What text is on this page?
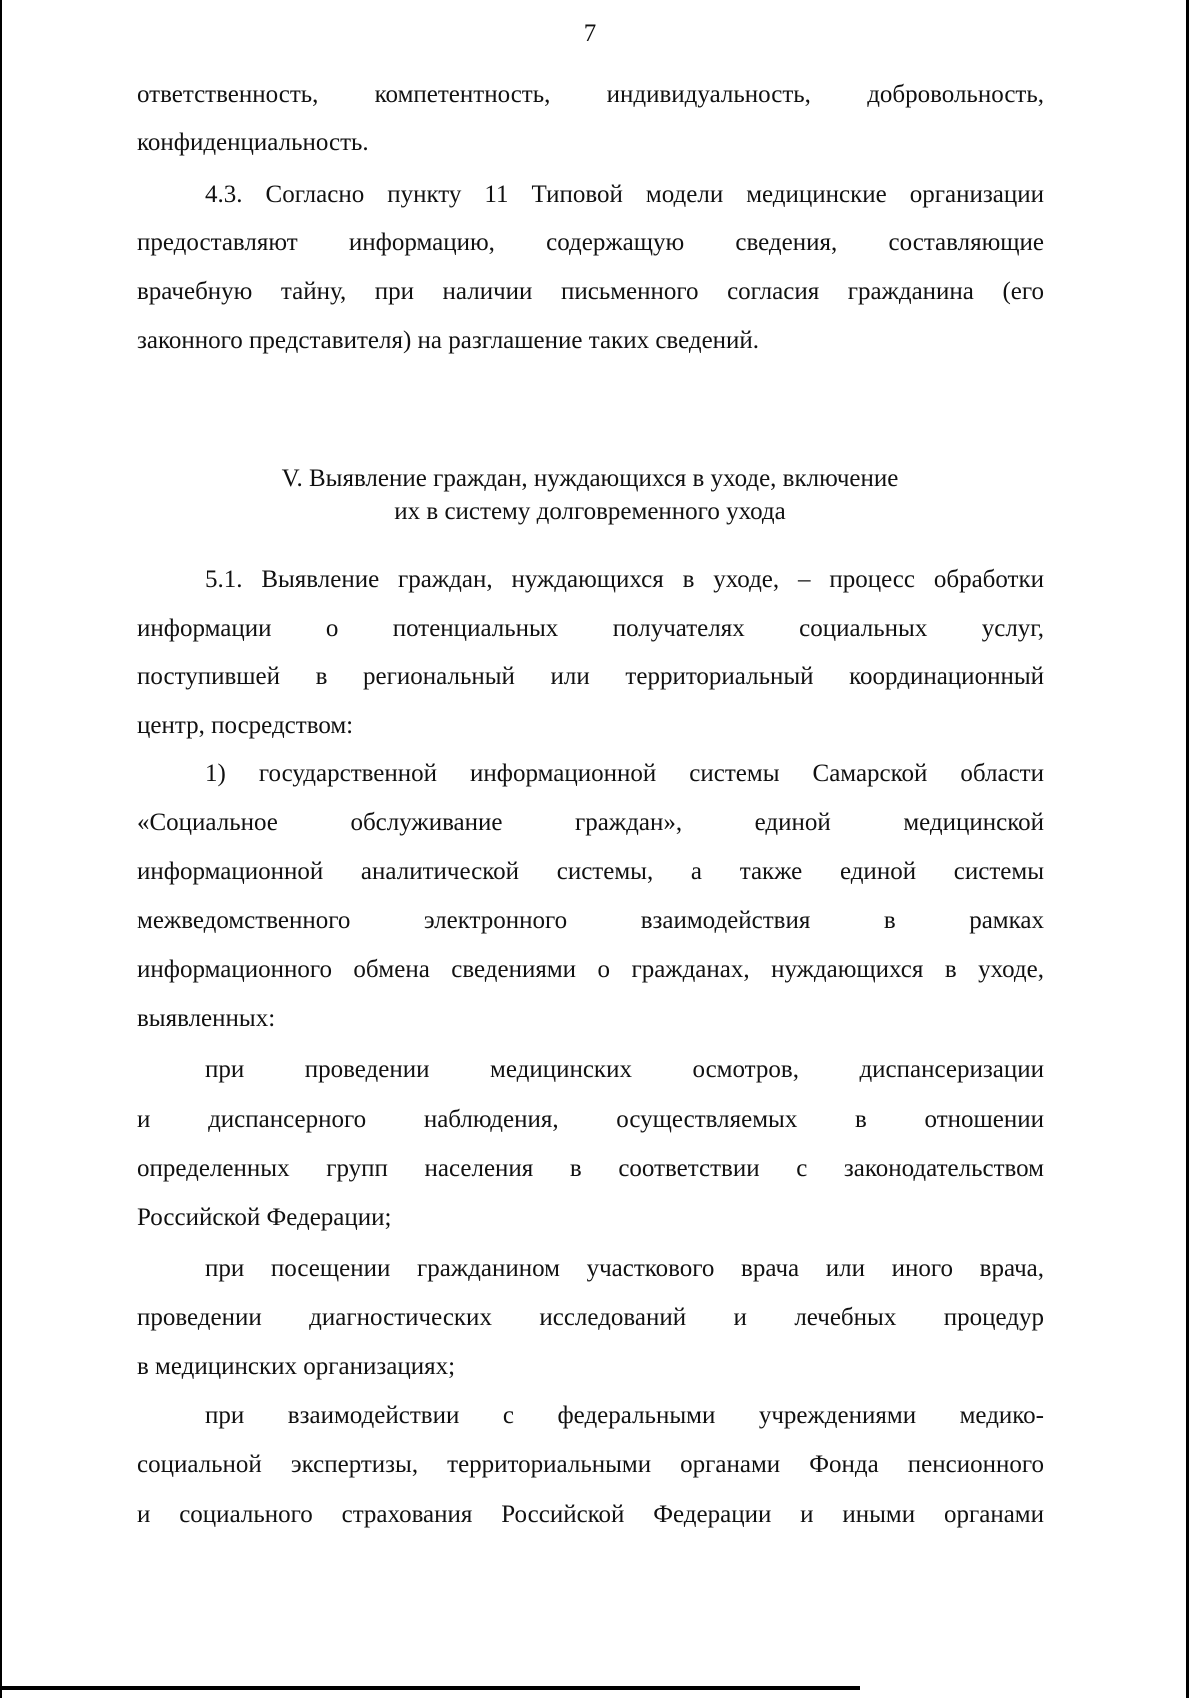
7
ответственность, компетентность, индивидуальность, добровольность,
конфиденциальность.
4.3. Согласно пункту 11 Типовой модели медицинские организации
предоставляют информацию, содержащую сведения, составляющие
врачебную тайну, при наличии письменного согласия гражданина (его
законного представителя) на разглашение таких сведений.
V. Выявление граждан, нуждающихся в уходе, включение
их в систему долговременного ухода
5.1. Выявление граждан, нуждающихся в уходе, – процесс обработки
информации о потенциальных получателях социальных услуг,
поступившей в региональный или территориальный координационный
центр, посредством:
1) государственной информационной системы Самарской области
«Социальное обслуживание граждан», единой медицинской
информационной аналитической системы, а также единой системы
межведомственного электронного взаимодействия в рамках
информационного обмена сведениями о гражданах, нуждающихся в уходе,
выявленных:
при проведении медицинских осмотров, диспансеризации
и диспансерного наблюдения, осуществляемых в отношении
определенных групп населения в соответствии с законодательством
Российской Федерации;
при посещении гражданином участкового врача или иного врача,
проведении диагностических исследований и лечебных процедур
в медицинских организациях;
при взаимодействии с федеральными учреждениями медико-
социальной экспертизы, территориальными органами Фонда пенсионного
и социального страхования Российской Федерации и иными органами
